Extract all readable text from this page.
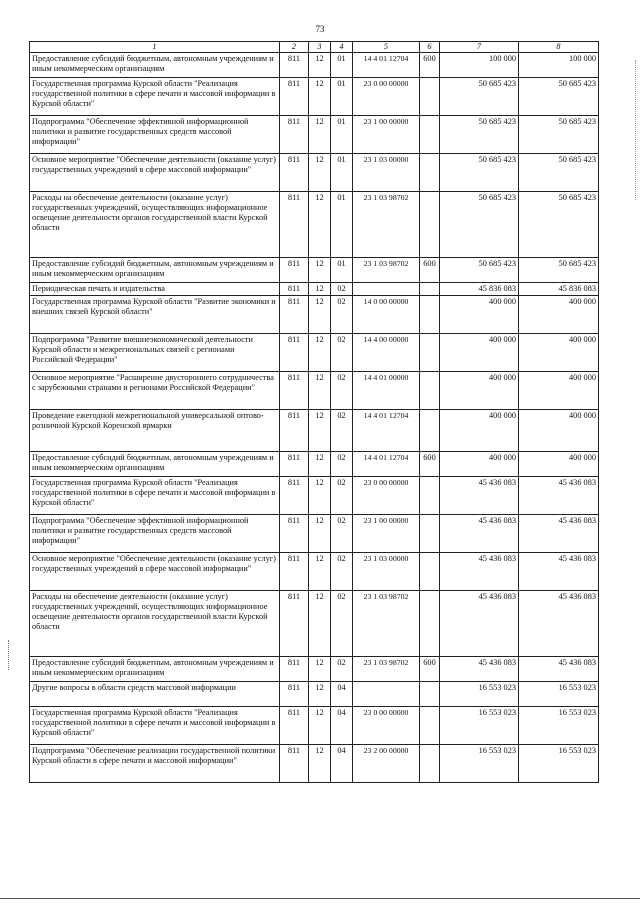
73
1	2	3	4	5	6	7	8
Предоставление субсидий бюджетным, автономным учреждениям и иным некоммерческим организациям	811	12	01	14 4 01 12704	600	100 000	100 000
Государственная программа Курской области "Реализация государственной политики в сфере печати и массовой информации в Курской области"	811	12	01	23 0 00 00000		50 685 423	50 685 423
Подпрограмма "Обеспечение эффективной информационной политики и развитие государственных средств массовой информации"	811	12	01	23 1 00 00000		50 685 423	50 685 423
Основное мероприятие "Обеспечение деятельности (оказание услуг) государственных учреждений в сфере массовой информации"	811	12	01	23 1 03 00000		50 685 423	50 685 423
Расходы на обеспечение деятельности (оказание услуг) государственных учреждений, осуществляющих информационное освещение деятельности органов государственной власти Курской области	811	12	01	23 1 03 98702		50 685 423	50 685 423
Предоставление субсидий бюджетным, автономным учреждениям и иным некоммерческим организациям	811	12	01	23 1 03 98702	600	50 685 423	50 685 423
Периодическая печать и издательства	811	12	02			45 836 083	45 836 083
Государственная программа Курской области "Развитие экономики и внешних связей Курской области"	811	12	02	14 0 00 00000		400 000	400 000
Подпрограмма "Развитие внешнеэкономической деятельности Курской области и межрегиональных связей с регионами Российской Федерации"	811	12	02	14 4 00 00000		400 000	400 000
Основное мероприятие "Расширение двустороннего сотрудничества с зарубежными странами и регионами Российской Федерации"	811	12	02	14 4 01 00000		400 000	400 000
Проведение ежегодной межрегиональной универсальной оптово-розничной Курской Коренской ярмарки	811	12	02	14 4 01 12704		400 000	400 000
Предоставление субсидий бюджетным, автономным учреждениям и иным некоммерческим организациям	811	12	02	14 4 01 12704	600	400 000	400 000
Государственная программа Курской области "Реализация государственной политики в сфере печати и массовой информации в Курской области"	811	12	02	23 0 00 00000		45 436 083	45 436 083
Подпрограмма "Обеспечение эффективной информационной политики и развитие государственных средств массовой информации"	811	12	02	23 1 00 00000		45 436 083	45 436 083
Основное мероприятие "Обеспечение деятельности (оказание услуг) государственных учреждений в сфере массовой информации"	811	12	02	23 1 03 00000		45 436 083	45 436 083
Расходы на обеспечение деятельности (оказание услуг) государственных учреждений, осуществляющих информационное освещение деятельности органов государственной власти Курской области	811	12	02	23 1 03 98702		45 436 083	45 436 083
Предоставление субсидий бюджетным, автономным учреждениям и иным некоммерческим организациям	811	12	02	23 1 03 98702	600	45 436 083	45 436 083
Другие вопросы в области средств массовой информации	811	12	04			16 553 023	16 553 023
Государственная программа Курской области "Реализация государственной политики в сфере печати и массовой информации в Курской области"	811	12	04	23 0 00 00000		16 553 023	16 553 023
Подпрограмма "Обеспечение реализации государственной политики Курской области в сфере печати и массовой информации"	811	12	04	23 2 00 00000		16 553 023	16 553 023
